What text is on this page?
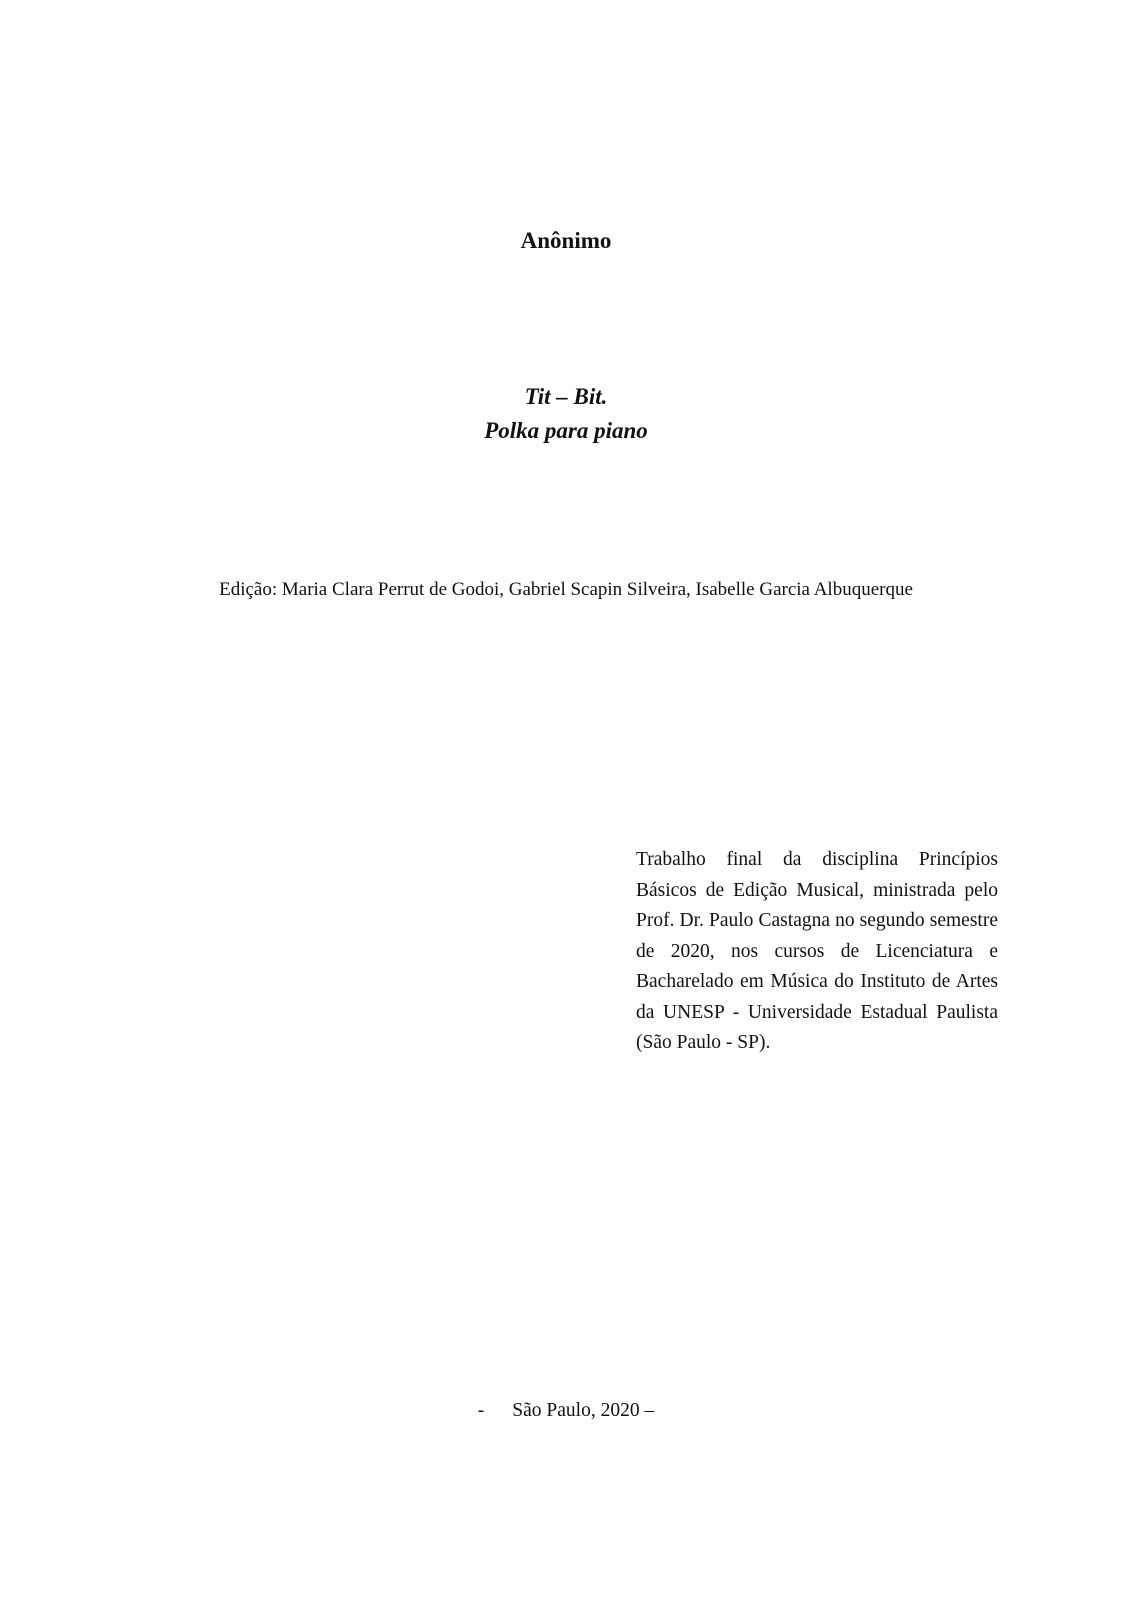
Anônimo
Tit – Bit.
Polka para piano
Edição: Maria Clara Perrut de Godoi, Gabriel Scapin Silveira, Isabelle Garcia Albuquerque
Trabalho final da disciplina Princípios Básicos de Edição Musical, ministrada pelo Prof. Dr. Paulo Castagna no segundo semestre de 2020, nos cursos de Licenciatura e Bacharelado em Música do Instituto de Artes da UNESP - Universidade Estadual Paulista (São Paulo - SP).
- São Paulo, 2020 –
